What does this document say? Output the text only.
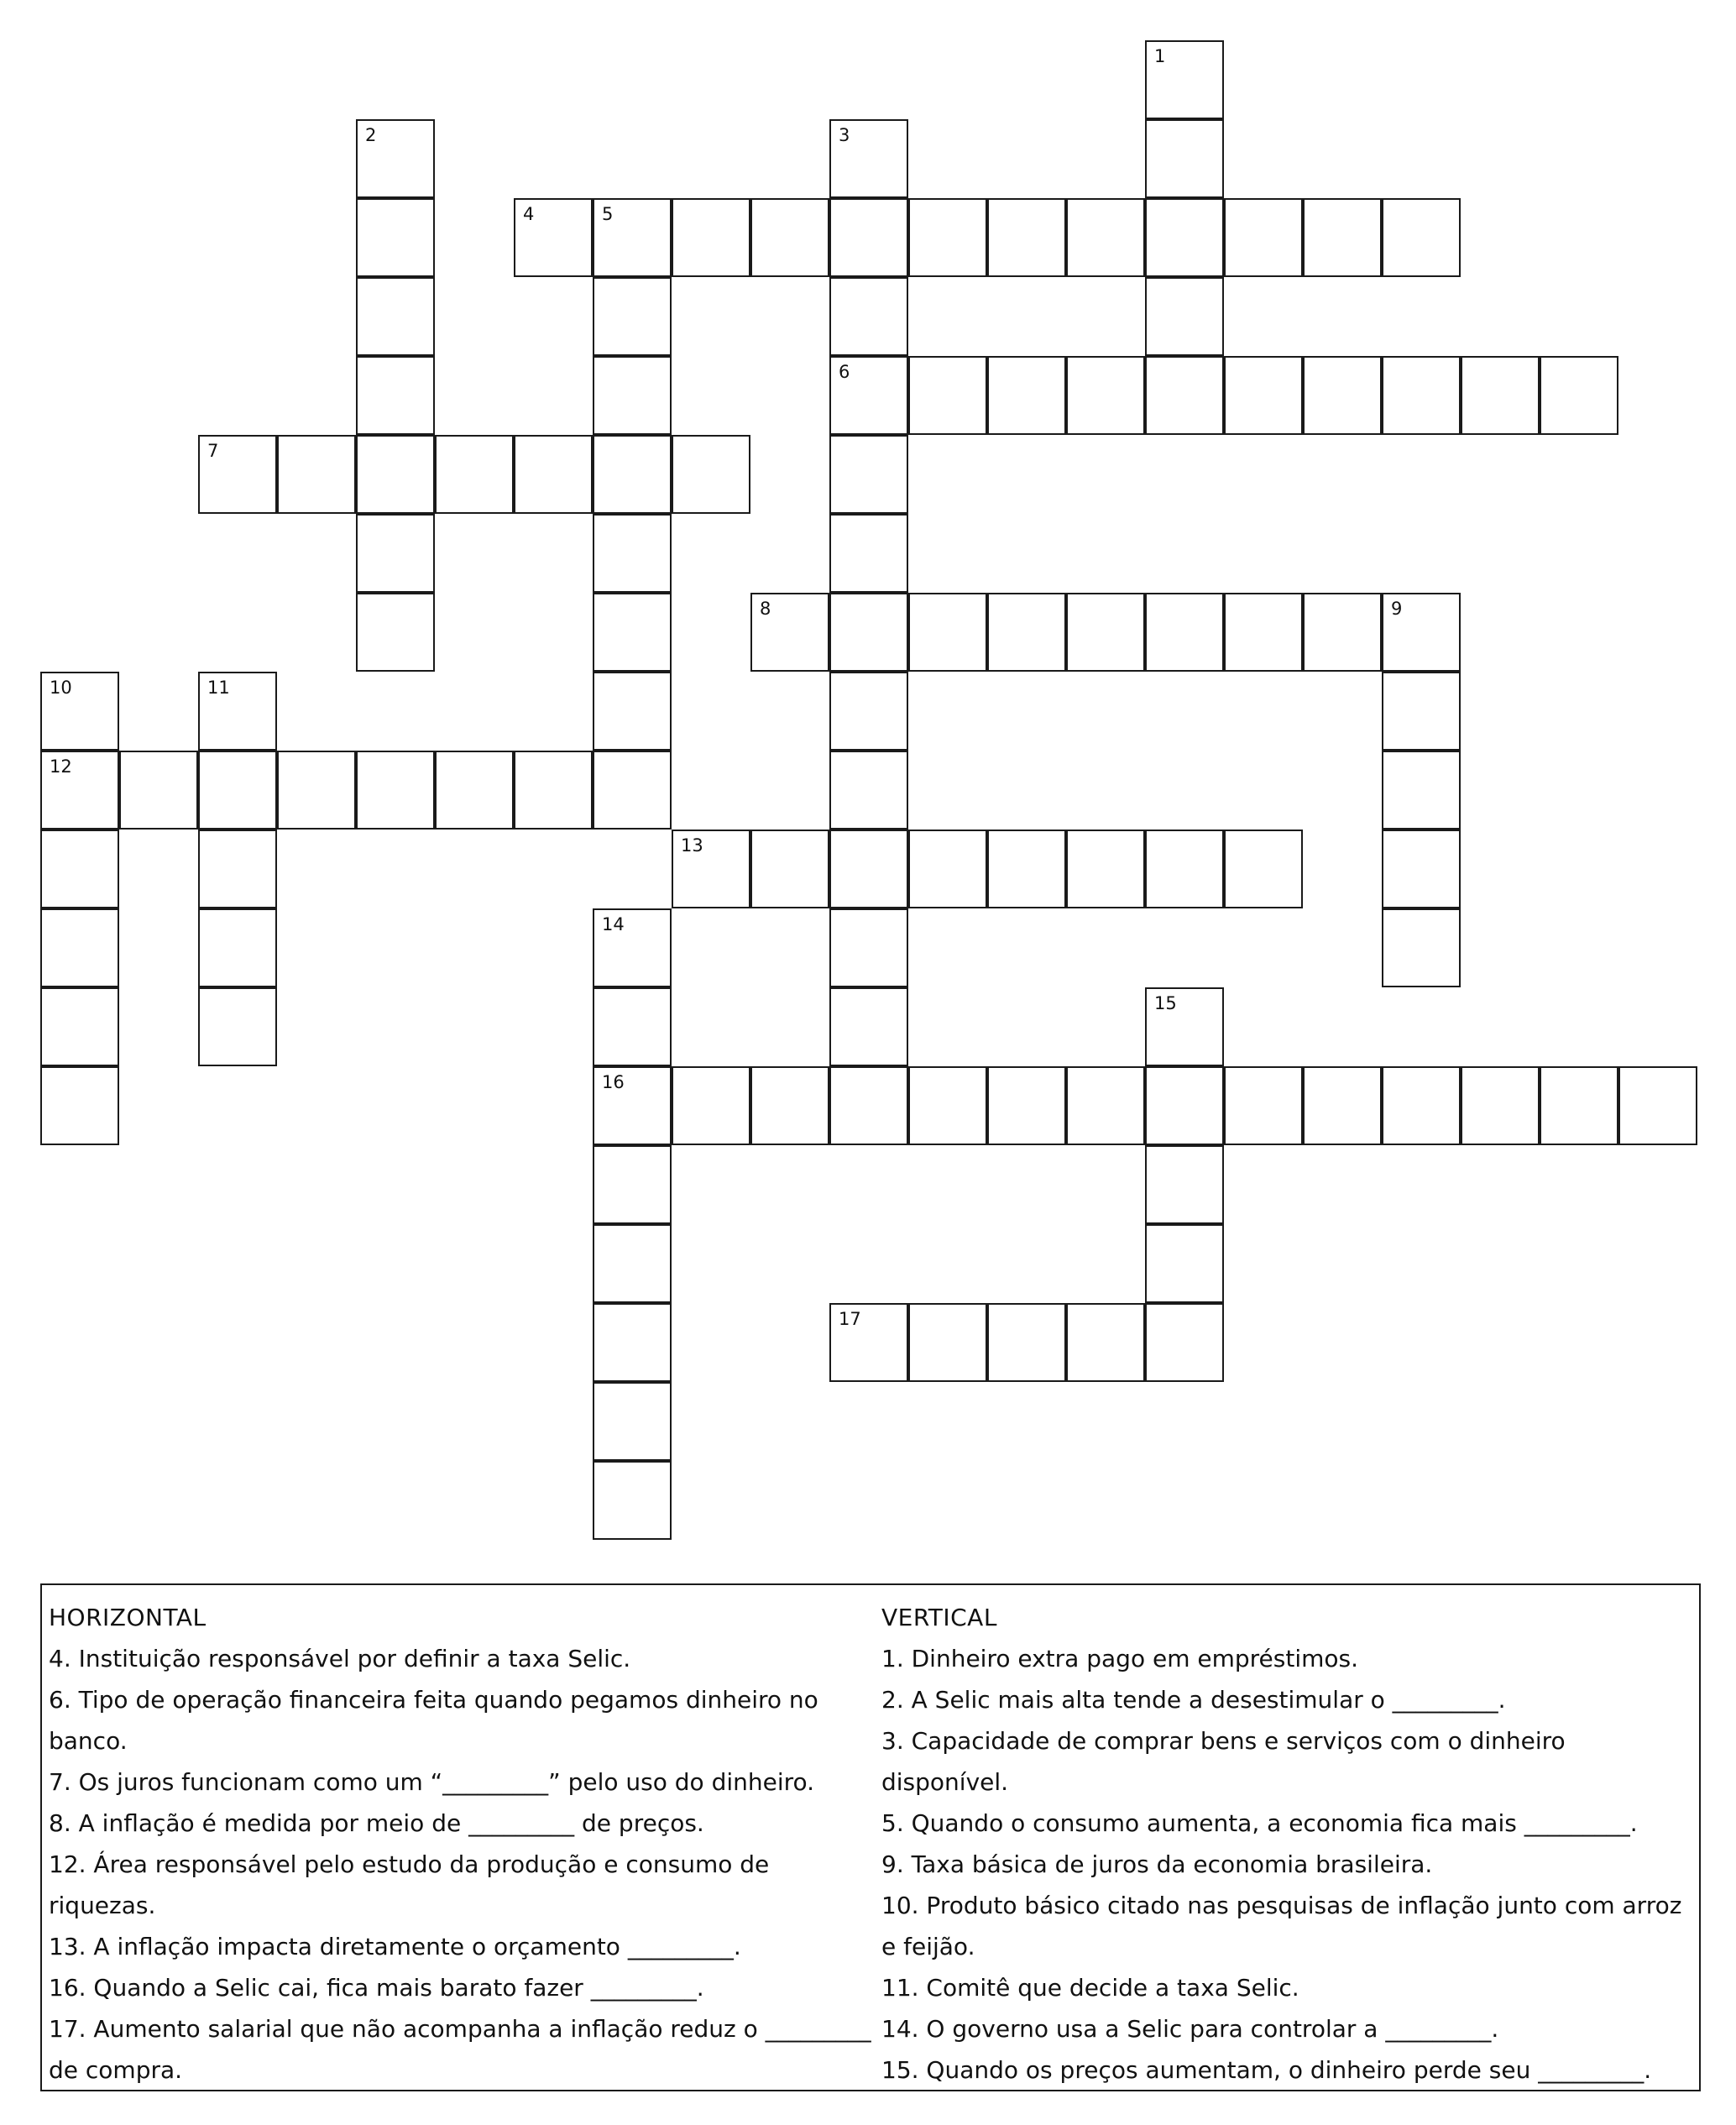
4	5
6
7
8	9
12
13
16
17
1
2	3
10	11
14
15

HORIZONTAL

4. Instituição responsável por definir a taxa Selic.

6. Tipo de operação financeira feita quando pegamos dinheiro no banco.

7. Os juros funcionam como um “_________” pelo uso do dinheiro.

8. A inflação é medida por meio de _________ de preços.

12. Área responsável pelo estudo da produção e consumo de riquezas.

13. A inflação impacta diretamente o orçamento _________.

16. Quando a Selic cai, fica mais barato fazer _________.

17. Aumento salarial que não acompanha a inflação reduz o _________ de compra.

VERTICAL

1. Dinheiro extra pago em empréstimos.

2. A Selic mais alta tende a desestimular o _________.

3. Capacidade de comprar bens e serviços com o dinheiro disponível.

5. Quando o consumo aumenta, a economia fica mais _________.

9. Taxa básica de juros da economia brasileira.

10. Produto básico citado nas pesquisas de inflação junto com arroz e feijão.

11. Comitê que decide a taxa Selic.

14. O governo usa a Selic para controlar a _________.

15. Quando os preços aumentam, o dinheiro perde seu _________.
